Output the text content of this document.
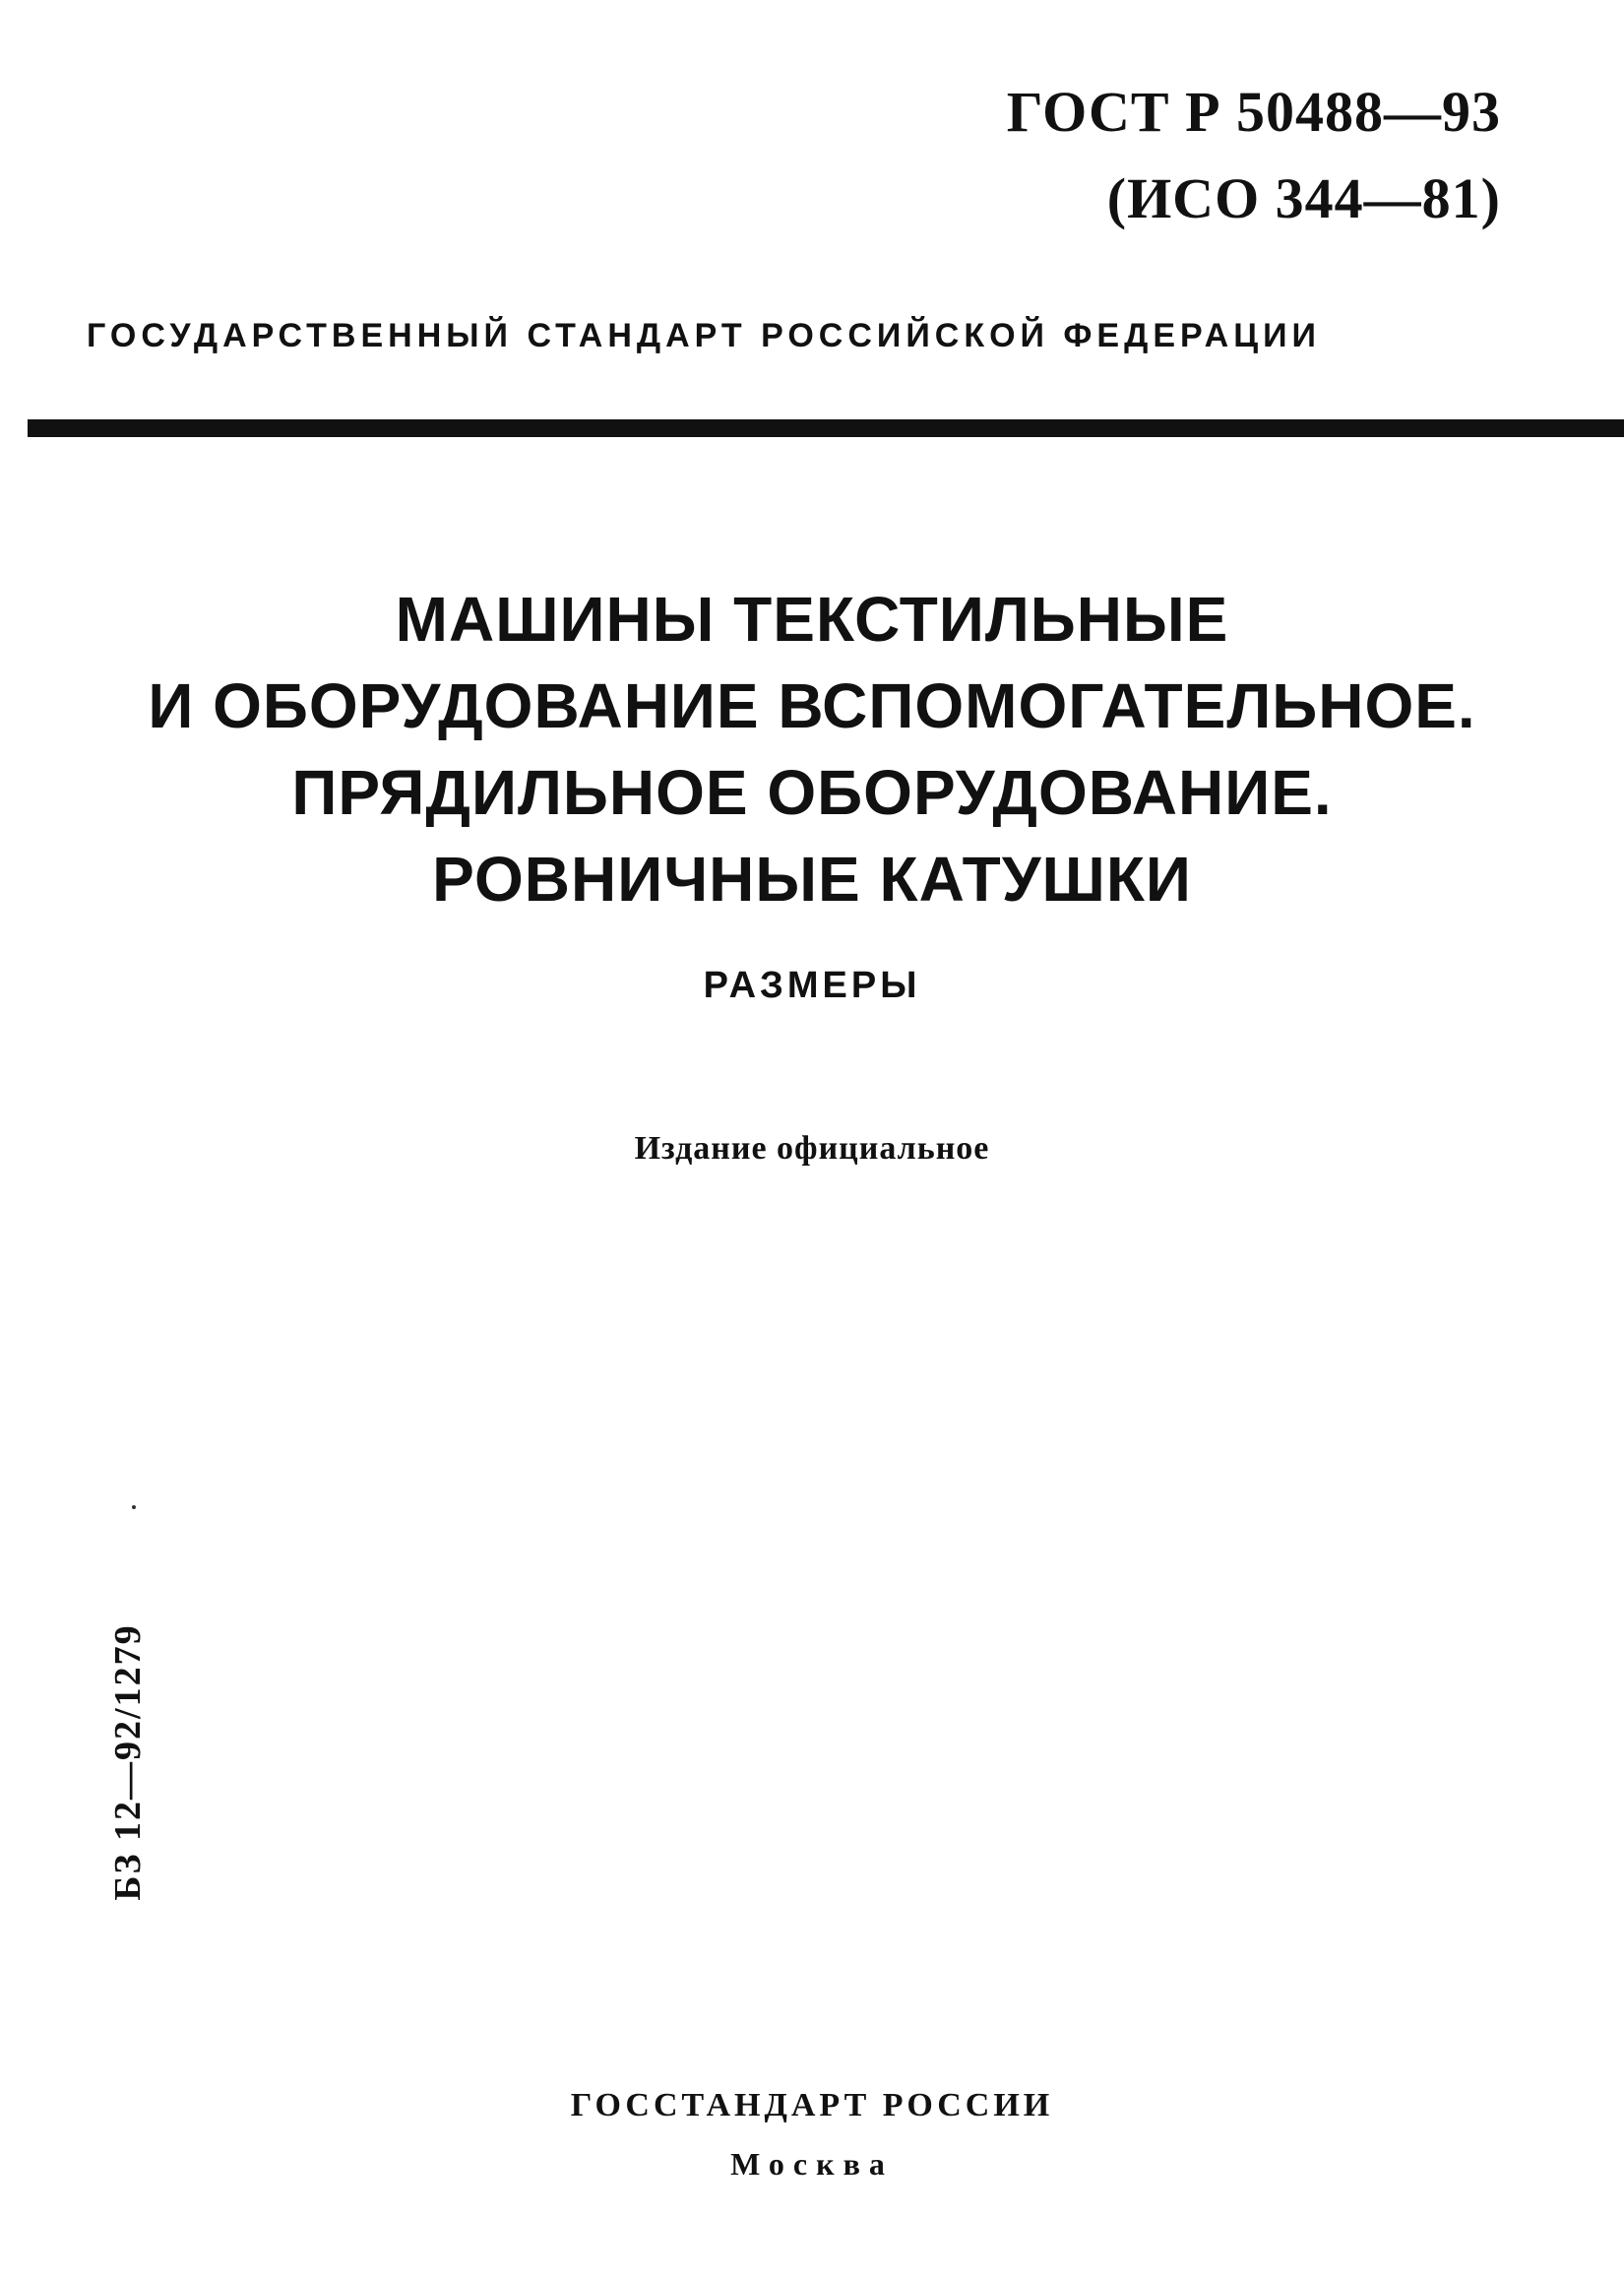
ГОСТ Р 50488—93
(ИСО 344—81)
ГОСУДАРСТВЕННЫЙ СТАНДАРТ РОССИЙСКОЙ ФЕДЕРАЦИИ
МАШИНЫ ТЕКСТИЛЬНЫЕ
И ОБОРУДОВАНИЕ ВСПОМОГАТЕЛЬНОЕ.
ПРЯДИЛЬНОЕ ОБОРУДОВАНИЕ.
РОВНИЧНЫЕ КАТУШКИ
РАЗМЕРЫ
Издание официальное
БЗ 12—92/1279
ГОССТАНДАРТ РОССИИ
Москва
